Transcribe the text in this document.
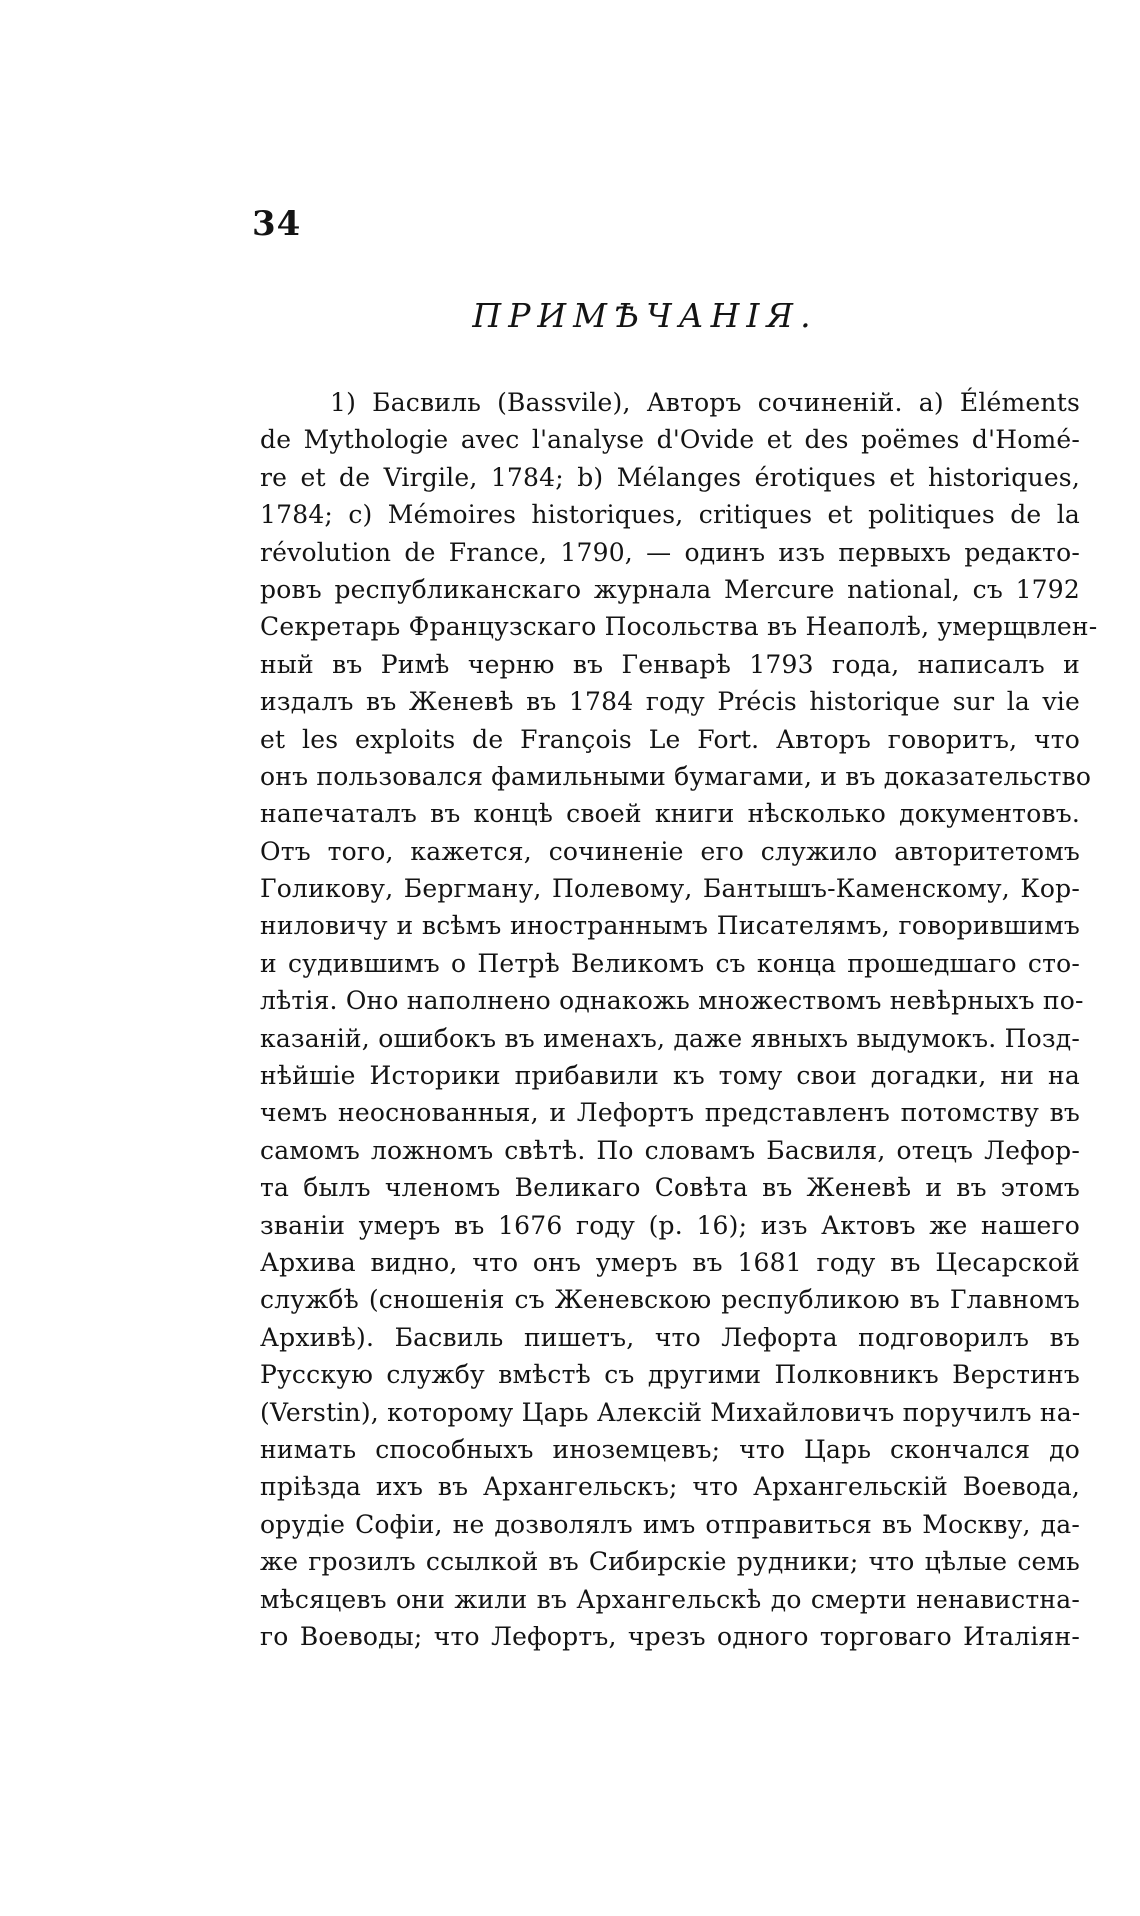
34
ПРИМѢЧАНІЯ.
1) Басвиль (Bassvile), Авторъ сочиненій. а) Éléments
de Mythologie avec l'analyse d'Ovide et des poëmes d'Homé-
re et de Virgile, 1784; b) Mélanges érotiques et historiques,
1784; c) Mémoires historiques, critiques et politiques de la
révolution de France, 1790, — одинъ изъ первыхъ редакто-
ровъ республиканскаго журнала Mercure national, съ 1792
Секретарь Французскаго Посольства въ Неаполѣ, умерщвлен-
ный въ Римѣ черню въ Генварѣ 1793 года, написалъ и
издалъ въ Женевѣ въ 1784 году Précis historique sur la vie
et les exploits de François Le Fort. Авторъ говоритъ, что
онъ пользовался фамильными бумагами, и въ доказательство
напечаталъ въ концѣ своей книги нѣсколько документовъ.
Отъ того, кажется, сочиненіе его служило авторитетомъ
Голикову, Бергману, Полевому, Бантышъ-Каменскому, Кор-
ниловичу и всѣмъ иностраннымъ Писателямъ, говорившимъ
и судившимъ о Петрѣ Великомъ съ конца прошедшаго сто-
лѣтія. Оно наполнено однакожь множествомъ невѣрныхъ по-
казаній, ошибокъ въ именахъ, даже явныхъ выдумокъ. Позд-
нѣйшіе Историки прибавили къ тому свои догадки, ни на
чемъ неоснованныя, и Лефортъ представленъ потомству въ
самомъ ложномъ свѣтѣ. По словамъ Басвиля, отецъ Лефор-
та былъ членомъ Великаго Совѣта въ Женевѣ и въ этомъ
званіи умеръ въ 1676 году (р. 16); изъ Актовъ же нашего
Архива видно, что онъ умеръ въ 1681 году въ Цесарской
службѣ (сношенія съ Женевскою республикою въ Главномъ
Архивѣ). Басвиль пишетъ, что Лефорта подговорилъ въ
Русскую службу вмѣстѣ съ другими Полковникъ Верстинъ
(Verstin), которому Царь Алексій Михайловичъ поручилъ на-
нимать способныхъ иноземцевъ; что Царь скончался до
пріѣзда ихъ въ Архангельскъ; что Архангельскій Воевода,
орудіе Софіи, не дозволялъ имъ отправиться въ Москву, да-
же грозилъ ссылкой въ Сибирскіе рудники; что цѣлые семь
мѣсяцевъ они жили въ Архангельскѣ до смерти ненавистна-
го Воеводы; что Лефортъ, чрезъ одного торговаго Италіян-
